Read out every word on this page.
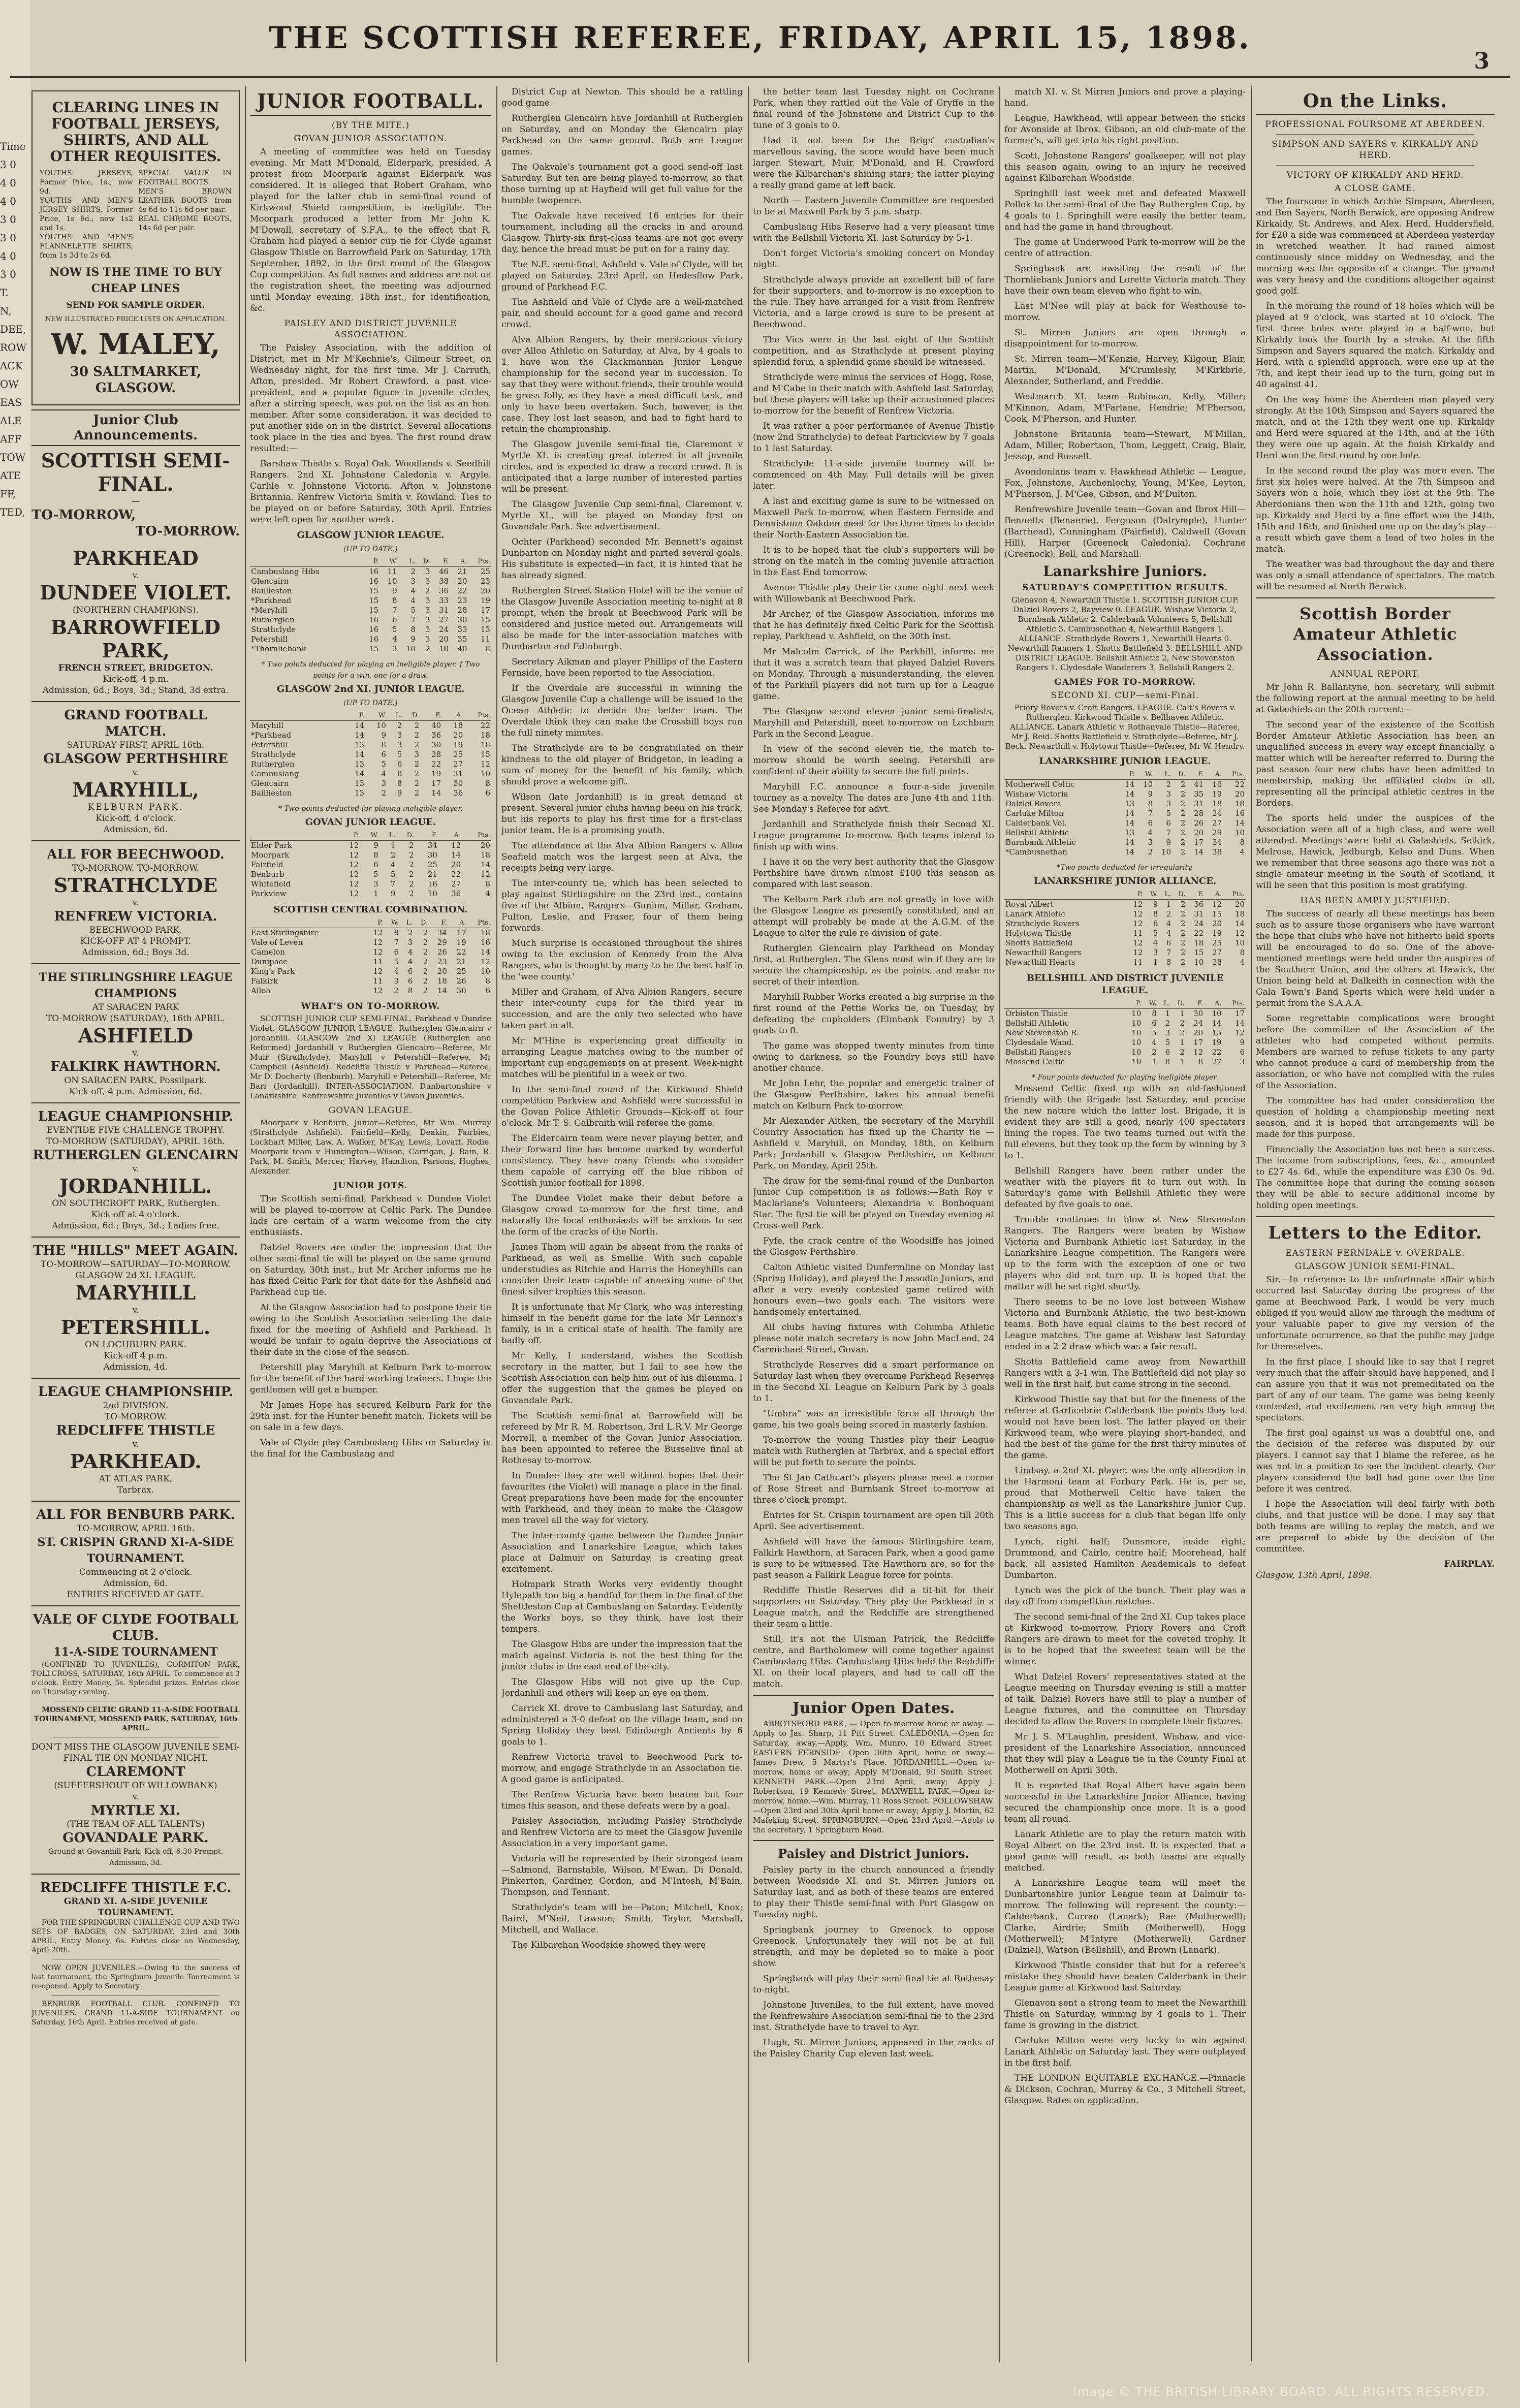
THE SCOTTISH REFEREE, FRIDAY, APRIL 15, 1898.
3
Time
3 0
4 0
4 0
3 0
3 0
4 0
3 0
T.
N,
DEE,
ROW
ACK
OW
EAS
ALE
AFF
TOW
ATE
FF,
TED,
CLEARING LINES IN FOOTBALL JERSEYS, SHIRTS, AND ALL OTHER REQUISITES.
YOUTHS' JERSEYS, Former Price, 1s.; now 9d.
YOUTHS' AND MEN'S JERSEY SHIRTS, Former Price, 1s 6d.; now 1s2 and 1s.
YOUTHS' AND MEN'S FLANNELETTE SHIRTS, from 1s 3d to 2s 6d.
SPECIAL VALUE IN FOOTBALL BOOTS.
MEN'S BROWN LEATHER BOOTS from 4s 6d to 11s 6d per pair.
REAL CHROME BOOTS, 14s 6d per pair.
NOW IS THE TIME TO BUY CHEAP LINES
SEND FOR SAMPLE ORDER.
NEW ILLUSTRATED PRICE LISTS ON APPLICATION.
W. MALEY,
30 SALTMARKET, GLASGOW.
Junior Club Announcements.
SCOTTISH SEMI-FINAL.
—
TO-MORROW,
TO-MORROW.
PARKHEAD
v.
DUNDEE VIOLET.
(NORTHERN CHAMPIONS).
BARROWFIELD PARK,
FRENCH STREET, BRIDGETON.
Kick-off, 4 p.m.
Admission, 6d.; Boys, 3d.; Stand, 3d extra.
GRAND FOOTBALL MATCH.
SATURDAY FIRST, APRIL 16th.
GLASGOW PERTHSHIRE
v.
MARYHILL,
KELBURN PARK.
Kick-off, 4 o'clock.
Admission, 6d.
ALL FOR BEECHWOOD.
TO-MORROW. TO-MORROW.
STRATHCLYDE
v.
RENFREW VICTORIA.
BEECHWOOD PARK.
KICK-OFF AT 4 PROMPT.
Admission, 6d.; Boys 3d.
THE STIRLINGSHIRE LEAGUE CHAMPIONS
AT SARACEN PARK
TO-MORROW (SATURDAY), 16th APRIL.
ASHFIELD
v.
FALKIRK HAWTHORN.
ON SARACEN PARK, Possilpark.
Kick-off, 4 p.m. Admission, 6d.
LEAGUE CHAMPIONSHIP.
EVENTIDE FIVE CHALLENGE TROPHY.
TO-MORROW (SATURDAY), APRIL 16th.
RUTHERGLEN GLENCAIRN
v.
JORDANHILL.
ON SOUTHCROFT PARK, Rutherglen.
Kick-off at 4 o'clock.
Admission, 6d.; Boys, 3d.; Ladies free.
THE "HILLS" MEET AGAIN.
TO-MORROW—SATURDAY—TO-MORROW.
GLASGOW 2d XI. LEAGUE.
MARYHILL
v.
PETERSHILL.
ON LOCHBURN PARK.
Kick-off 4 p.m.
Admission, 4d.
LEAGUE CHAMPIONSHIP.
2nd DIVISION.
TO-MORROW.
REDCLIFFE THISTLE
v.
PARKHEAD.
AT ATLAS PARK,
Tarbrax.
ALL FOR BENBURB PARK.
TO-MORROW, APRIL 16th.
ST. CRISPIN GRAND XI-A-SIDE TOURNAMENT.
Commencing at 2 o'clock.
Admission, 6d.
ENTRIES RECEIVED AT GATE.
VALE OF CLYDE FOOTBALL CLUB.
11-A-SIDE TOURNAMENT

(CONFINED TO JUVENILES), CORMITON PARK, TOLLCROSS, SATURDAY, 16th APRIL. To commence at 3 o'clock. Entry Money, 5s. Splendid prizes. Entries close on Thursday evening.

MOSSEND CELTIC GRAND 11-A-SIDE FOOTBALL TOURNAMENT, MOSSEND PARK, SATURDAY, 16th APRIL.

DON'T MISS THE GLASGOW JUVENILE SEMI-FINAL TIE ON MONDAY NIGHT,
CLAREMONT
(SUFFERSHOUT OF WILLOWBANK)
v.
MYRTLE XI.
(THE TEAM OF ALL TALENTS)
GOVANDALE PARK.
Ground at Govanhill Park. Kick-off, 6.30 Prompt. Admission, 3d.
REDCLIFFE THISTLE F.C.
GRAND XI. A-SIDE JUVENILE TOURNAMENT.

FOR THE SPRINGBURN CHALLENGE CUP AND TWO SETS OF BADGES, ON SATURDAY, 23rd and 30th APRIL. Entry Money, 6s. Entries close on Wednesday, April 20th.

NOW OPEN JUVENILES.—Owing to the success of last tournament, the Springburn Juvenile Tournament is re-opened. Apply to Secretary.

BENBURB FOOTBALL CLUB. CONFINED TO JUVENILES. GRAND 11-A-SIDE TOURNAMENT on Saturday, 16th April. Entries received at gate.

JUNIOR FOOTBALL.
(BY THE MITE.)
GOVAN JUNIOR ASSOCIATION.

A meeting of committee was held on Tuesday evening. Mr Matt M'Donald, Elderpark, presided. A protest from Moorpark against Elderpark was considered. It is alleged that Robert Graham, who played for the latter club in semi-final round of Kirkwood Shield competition, is ineligible. The Moorpark produced a letter from Mr John K. M'Dowall, secretary of S.F.A., to the effect that R. Graham had played a senior cup tie for Clyde against Glasgow Thistle on Barrowfield Park on Saturday, 17th September, 1892, in the first round of the Glasgow Cup competition. As full names and address are not on the registration sheet, the meeting was adjourned until Monday evening, 18th inst., for identification, &c.

PAISLEY AND DISTRICT JUVENILE ASSOCIATION.

The Paisley Association, with the addition of District, met in Mr M'Kechnie's, Gilmour Street, on Wednesday night, for the first time. Mr J. Carruth, Afton, presided. Mr Robert Crawford, a past vice-president, and a popular figure in juvenile circles, after a stirring speech, was put on the list as an hon. member. After some consideration, it was decided to put another side on in the district. Several allocations took place in the ties and byes. The first round draw resulted:—

Barshaw Thistle v. Royal Oak. Woodlands v. Seedhill Rangers. 2nd XI. Johnstone Caledonia v. Argyle. Carlile v. Johnstone Victoria. Afton v. Johnstone Britannia. Renfrew Victoria Smith v. Rowland. Ties to be played on or before Saturday, 30th April. Entries were left open for another week.

GLASGOW JUNIOR LEAGUE.
(UP TO DATE.)
	P.	W.	L.	D.	F.	A.	Pts.
Cambuslang Hibs	16	11	2	3	46	21	25
Glencairn	16	10	3	3	38	20	23
Baillieston	15	9	4	2	36	22	20
*Parkhead	15	8	4	3	33	23	19
*Maryhill	15	7	5	3	31	28	17
Rutherglen	16	6	7	3	27	30	15
Strathclyde	16	5	8	3	24	33	13
Petershill	16	4	9	3	20	35	11
*Thornliebank	15	3	10	2	18	40	8
* Two points deducted for playing an ineligible player. † Two points for a win, one for a draw.
GLASGOW 2nd XI. JUNIOR LEAGUE.
(UP TO DATE.)
	P.	W.	L.	D.	F.	A.	Pts.
Maryhill	14	10	2	2	40	18	22
*Parkhead	14	9	3	2	36	20	18
Petershill	13	8	3	2	30	19	18
Strathclyde	14	6	5	3	28	25	15
Rutherglen	13	5	6	2	22	27	12
Cambuslang	14	4	8	2	19	31	10
Glencairn	13	3	8	2	17	30	8
Baillieston	13	2	9	2	14	36	6
* Two points deducted for playing ineligible player.
GOVAN JUNIOR LEAGUE.
	P.	W.	L.	D.	F.	A.	Pts.
Elder Park	12	9	1	2	34	12	20
Moorpark	12	8	2	2	30	14	18
Fairfield	12	6	4	2	25	20	14
Benburb	12	5	5	2	21	22	12
Whitefield	12	3	7	2	16	27	8
Parkview	12	1	9	2	10	36	4
SCOTTISH CENTRAL COMBINATION.
	P.	W.	L.	D.	F.	A.	Pts.
East Stirlingshire	12	8	2	2	34	17	18
Vale of Leven	12	7	3	2	29	19	16
Camelon	12	6	4	2	26	22	14
Dunipace	11	5	4	2	23	21	12
King's Park	12	4	6	2	20	25	10
Falkirk	11	3	6	2	18	26	8
Alloa	12	2	8	2	14	30	6
WHAT'S ON TO-MORROW.

SCOTTISH JUNIOR CUP SEMI-FINAL. Parkhead v Dundee Violet. GLASGOW JUNIOR LEAGUE. Rutherglen Glencairn v Jordanhill. GLASGOW 2nd XI LEAGUE (Rutherglen and Reformed) Jordanhill v Rutherglen Glencairn—Referee, Mr Muir (Strathclyde). Maryhill v Petershill—Referee, Mr Campbell (Ashfield). Redcliffe Thistle v Parkhead—Referee, Mr D. Docherty (Benburb). Maryhill v Petershill—Referee, Mr Barr (Jordanhill). INTER-ASSOCIATION. Dunbartonshire v Lanarkshire. Renfrewshire Juveniles v Govan Juveniles.

GOVAN LEAGUE.

Moorpark v Benburb, Junior—Referee, Mr Wm. Murray (Strathclyde Ashfield). Fairfield—Kelly, Deakin, Fairbies, Lockhart Miller, Law, A. Walker, M'Kay, Lewis, Lovatt, Rodie. Moorpark team v Huntington—Wilson, Carrigan, J. Bain, R. Park, M. Smith, Mercer, Harvey, Hamilton, Parsons, Hughes, Alexander.

JUNIOR JOTS.

The Scottish semi-final, Parkhead v. Dundee Violet will be played to-morrow at Celtic Park. The Dundee lads are certain of a warm welcome from the city enthusiasts.

Dalziel Rovers are under the impression that the other semi-final tie will be played on the same ground on Saturday, 30th inst., but Mr Archer informs me he has fixed Celtic Park for that date for the Ashfield and Parkhead cup tie.

At the Glasgow Association had to postpone their tie owing to the Scottish Association selecting the date fixed for the meeting of Ashfield and Parkhead. It would be unfair to again deprive the Associations of their date in the close of the season.

Petershill play Maryhill at Kelburn Park to-morrow for the benefit of the hard-working trainers. I hope the gentlemen will get a bumper.

Mr James Hope has secured Kelburn Park for the 29th inst. for the Hunter benefit match. Tickets will be on sale in a few days.

Vale of Clyde play Cambuslang Hibs on Saturday in the final for the Cambuslang and

District Cup at Newton. This should be a rattling good game.

Rutherglen Glencairn have Jordanhill at Rutherglen on Saturday, and on Monday the Glencairn play Parkhead on the same ground. Both are League games.

The Oakvale's tournament got a good send-off last Saturday. But ten are being played to-morrow, so that those turning up at Hayfield will get full value for the humble twopence.

The Oakvale have received 16 entries for their tournament, including all the cracks in and around Glasgow. Thirty-six first-class teams are not got every day, hence the bread must be put on for a rainy day.

The N.E. semi-final, Ashfield v. Vale of Clyde, will be played on Saturday, 23rd April, on Hedesflow Park, ground of Parkhead F.C.

The Ashfield and Vale of Clyde are a well-matched pair, and should account for a good game and record crowd.

Alva Albion Rangers, by their meritorious victory over Alloa Athletic on Saturday, at Alva, by 4 goals to 1, have won the Clackmannan Junior League championship for the second year in succession. To say that they were without friends, their trouble would be gross folly, as they have a most difficult task, and only to have been overtaken. Such, however, is the case. They lost last season, and had to fight hard to retain the championship.

The Glasgow juvenile semi-final tie, Claremont v Myrtle XI. is creating great interest in all juvenile circles, and is expected to draw a record crowd. It is anticipated that a large number of interested parties will be present.

The Glasgow Juvenile Cup semi-final, Claremont v. Myrtle XI., will be played on Monday first on Govandale Park. See advertisement.

Ochter (Parkhead) seconded Mr. Bennett's against Dunbarton on Monday night and parted several goals. His substitute is expected—in fact, it is hinted that he has already signed.

Rutherglen Street Station Hotel will be the venue of the Glasgow Juvenile Association meeting to-night at 8 prompt, when the break at Beechwood Park will be considered and justice meted out. Arrangements will also be made for the inter-association matches with Dumbarton and Edinburgh.

Secretary Aikman and player Phillips of the Eastern Fernside, have been reported to the Association.

If the Overdale are successful in winning the Glasgow Juvenile Cup a challenge will be issued to the Ocean Athletic to decide the better team. The Overdale think they can make the Crossbill boys run the full ninety minutes.

The Strathclyde are to be congratulated on their kindness to the old player of Bridgeton, in leading a sum of money for the benefit of his family, which should prove a welcome gift.

Wilson (late Jordanhill) is in great demand at present. Several junior clubs having been on his track, but his reports to play his first time for a first-class junior team. He is a promising youth.

The attendance at the Alva Albion Rangers v. Alloa Seafield match was the largest seen at Alva, the receipts being very large.

The inter-county tie, which has been selected to play against Stirlingshire on the 23rd inst., contains five of the Albion, Rangers—Gunion, Millar, Graham, Fulton, Leslie, and Fraser, four of them being forwards.

Much surprise is occasioned throughout the shires owing to the exclusion of Kennedy from the Alva Rangers, who is thought by many to be the best half in the 'wee county.'

Miller and Graham, of Alva Albion Rangers, secure their inter-county cups for the third year in succession, and are the only two selected who have taken part in all.

Mr M'Hine is experiencing great difficulty in arranging League matches owing to the number of important cup engagements on at present. Week-night matches will be plentiful in a week or two.

In the semi-final round of the Kirkwood Shield competition Parkview and Ashfield were successful in the Govan Police Athletic Grounds—Kick-off at four o'clock. Mr T. S. Galbraith will referee the game.

The Eldercairn team were never playing better, and their forward line has become marked by wonderful consistency. They have many friends who consider them capable of carrying off the blue ribbon of Scottish junior football for 1898.

The Dundee Violet make their debut before a Glasgow crowd to-morrow for the first time, and naturally the local enthusiasts will be anxious to see the form of the cracks of the North.

James Thom will again be absent from the ranks of Parkhead, as well as Smellie. With such capable understudies as Ritchie and Harris the Honeyhills can consider their team capable of annexing some of the finest silver trophies this season.

It is unfortunate that Mr Clark, who was interesting himself in the benefit game for the late Mr Lennox's family, is in a critical state of health. The family are badly off.

Mr Kelly, I understand, wishes the Scottish secretary in the matter, but I fail to see how the Scottish Association can help him out of his dilemma. I offer the suggestion that the games be played on Govandale Park.

The Scottish semi-final at Barrowfield will be refereed by Mr R. M. Robertson, 3rd L.R.V. Mr George Morrell, a member of the Govan Junior Association, has been appointed to referee the Busselive final at Rothesay to-morrow.

In Dundee they are well without hopes that their favourites (the Violet) will manage a place in the final. Great preparations have been made for the encounter with Parkhead, and they mean to make the Glasgow men travel all the way for victory.

The inter-county game between the Dundee Junior Association and Lanarkshire League, which takes place at Dalmuir on Saturday, is creating great excitement.

Holmpark Strath Works very evidently thought Hylepath too big a handful for them in the final of the Shettleston Cup at Cambuslang on Saturday. Evidently the Works' boys, so they think, have lost their tempers.

The Glasgow Hibs are under the impression that the match against Victoria is not the best thing for the junior clubs in the east end of the city.

The Glasgow Hibs will not give up the Cup. Jordanhill and others will keep an eye on them.

Carrick XI. drove to Cambuslang last Saturday, and administered a 3-0 defeat on the village team, and on Spring Holiday they beat Edinburgh Ancients by 6 goals to 1.

Renfrew Victoria travel to Beechwood Park to-morrow, and engage Strathclyde in an Association tie. A good game is anticipated.

The Renfrew Victoria have been beaten but four times this season, and these defeats were by a goal.

Paisley Association, including Paisley Strathclyde and Renfrew Victoria are to meet the Glasgow Juvenile Association in a very important game.

Victoria will be represented by their strongest team—Salmond, Barnstable, Wilson, M'Ewan, Di Donald, Pinkerton, Gardiner, Gordon, and M'Intosh, M'Bain, Thompson, and Tennant.

Strathclyde's team will be—Paton; Mitchell, Knox; Baird, M'Neil, Lawson; Smith, Taylor, Marshall, Mitchell, and Wallace.

The Kilbarchan Woodside showed they were

the better team last Tuesday night on Cochrane Park, when they rattled out the Vale of Gryffe in the final round of the Johnstone and District Cup to the tune of 3 goals to 0.

Had it not been for the Brigs' custodian's marvellous saving, the score would have been much larger. Stewart, Muir, M'Donald, and H. Crawford were the Kilbarchan's shining stars; the latter playing a really grand game at left back.

North — Eastern Juvenile Committee are requested to be at Maxwell Park by 5 p.m. sharp.

Cambuslang Hibs Reserve had a very pleasant time with the Bellshill Victoria XI. last Saturday by 5-1.

Don't forget Victoria's smoking concert on Monday night.

Strathclyde always provide an excellent bill of fare for their supporters, and to-morrow is no exception to the rule. They have arranged for a visit from Renfrew Victoria, and a large crowd is sure to be present at Beechwood.

The Vics were in the last eight of the Scottish competition, and as Strathclyde at present playing splendid form, a splendid game should be witnessed.

Strathclyde were minus the services of Hogg, Rose, and M'Cabe in their match with Ashfield last Saturday, but these players will take up their accustomed places to-morrow for the benefit of Renfrew Victoria.

It was rather a poor performance of Avenue Thistle (now 2nd Strathclyde) to defeat Partickview by 7 goals to 1 last Saturday.

Strathclyde 11-a-side juvenile tourney will be commenced on 4th May. Full details will be given later.

A last and exciting game is sure to be witnessed on Maxwell Park to-morrow, when Eastern Fernside and Dennistoun Oakden meet for the three times to decide their North-Eastern Association tie.

It is to be hoped that the club's supporters will be strong on the match in the coming juvenile attraction in the East End tomorrow.

Avenue Thistle play their tie come night next week with Willowbank at Beechwood Park.

Mr Archer, of the Glasgow Association, informs me that he has definitely fixed Celtic Park for the Scottish replay, Parkhead v. Ashfield, on the 30th inst.

Mr Malcolm Carrick, of the Parkhill, informs me that it was a scratch team that played Dalziel Rovers on Monday. Through a misunderstanding, the eleven of the Parkhill players did not turn up for a League game.

The Glasgow second eleven junior semi-finalists, Maryhill and Petershill, meet to-morrow on Lochburn Park in the Second League.

In view of the second eleven tie, the match to-morrow should be worth seeing. Petershill are confident of their ability to secure the full points.

Maryhill F.C. announce a four-a-side juvenile tourney as a novelty. The dates are June 4th and 11th. See Monday's Referee for advt.

Jordanhill and Strathclyde finish their Second XI. League programme to-morrow. Both teams intend to finish up with wins.

I have it on the very best authority that the Glasgow Perthshire have drawn almost £100 this season as compared with last season.

The Kelburn Park club are not greatly in love with the Glasgow League as presently constituted, and an attempt will probably be made at the A.G.M. of the League to alter the rule re division of gate.

Rutherglen Glencairn play Parkhead on Monday first, at Rutherglen. The Glens must win if they are to secure the championship, as the points, and make no secret of their intention.

Maryhill Rubber Works created a big surprise in the first round of the Pettie Works tie, on Tuesday, by defeating the cupholders (Elmbank Foundry) by 3 goals to 0.

The game was stopped twenty minutes from time owing to darkness, so the Foundry boys still have another chance.

Mr John Lehr, the popular and energetic trainer of the Glasgow Perthshire, takes his annual benefit match on Kelburn Park to-morrow.

Mr Alexander Aitken, the secretary of the Maryhill Country Association has fixed up the Charity tie — Ashfield v. Maryhill, on Monday, 18th, on Kelburn Park; Jordanhill v. Glasgow Perthshire, on Kelburn Park, on Monday, April 25th.

The draw for the semi-final round of the Dunbarton Junior Cup competition is as follows:—Bath Roy v. Maclarlane's Volunteers; Alexandria v. Bonhoquam Star. The first tie will be played on Tuesday evening at Cross-well Park.

Fyfe, the crack centre of the Woodsiffe has joined the Glasgow Perthshire.

Calton Athletic visited Dunfermline on Monday last (Spring Holiday), and played the Lassodie Juniors, and after a very evenly contested game retired with honours even—two goals each. The visitors were handsomely entertained.

All clubs having fixtures with Columba Athletic please note match secretary is now John MacLeod, 24 Carmichael Street, Govan.

Strathclyde Reserves did a smart performance on Saturday last when they overcame Parkhead Reserves in the Second XI. League on Kelburn Park by 3 goals to 1.

"Umbra" was an irresistible force all through the game, his two goals being scored in masterly fashion.

To-morrow the young Thistles play their League match with Rutherglen at Tarbrax, and a special effort will be put forth to secure the points.

The St Jan Cathcart's players please meet a corner of Rose Street and Burnbank Street to-morrow at three o'clock prompt.

Entries for St. Crispin tournament are open till 20th April. See advertisement.

Ashfield will have the famous Stirlingshire team, Falkirk Hawthorn, at Saracen Park, when a good game is sure to be witnessed. The Hawthorn are, so for the past season a Falkirk League force for points.

Reddiffe Thistle Reserves did a tit-bit for their supporters on Saturday. They play the Parkhead in a League match, and the Redcliffe are strengthened their team a little.

Still, it's not the Ulsman Patrick, the Redcliffe centre, and Bartholomew will come together against Cambuslang Hibs. Cambuslang Hibs held the Redcliffe XI. on their local players, and had to call off the match.

Junior Open Dates.

ABBOTSFORD PARK, — Open to-morrow home or away. — Apply to Jas. Sharp, 11 Pitt Street. CALEDONIA.—Open for Saturday, away.—Apply, Wm. Munro, 10 Edward Street. EASTERN FERNSIDE, Open 30th April, home or away.—James Drew, 5 Martyr's Place. JORDANHILL.—Open to-morrow, home or away; Apply M'Donald, 90 Smith Street. KENNETH PARK.—Open 23rd April, away; Apply J. Robertson, 19 Kennedy Street. MAXWELL PARK.—Open to-morrow, home.—Wm. Murray, 11 Ross Street. FOLLOWSHAW.—Open 23rd and 30th April home or away; Apply J. Martin, 62 Mafeking Street. SPRINGBURN.—Open 23rd April.—Apply to the secretary, 1 Springburn Road.

Paisley and District Juniors.

Paisley party in the church announced a friendly between Woodside XI. and St. Mirren Juniors on Saturday last, and as both of these teams are entered to play their Thistle semi-final with Port Glasgow on Tuesday night.

Springbank journey to Greenock to oppose Greenock. Unfortunately they will not be at full strength, and may be depleted so to make a poor show.

Springbank will play their semi-final tie at Rothesay to-night.

Johnstone Juveniles, to the full extent, have moved the Renfrewshire Association semi-final tie to the 23rd inst. Strathclyde have to travel to Ayr.

Hugh, St. Mirren Juniors, appeared in the ranks of the Paisley Charity Cup eleven last week.

match XI. v. St Mirren Juniors and prove a playing-hand.

League, Hawkhead, will appear between the sticks for Avonside at Ibrox. Gibson, an old club-mate of the former's, will get into his right position.

Scott, Johnstone Rangers' goalkeeper, will not play this season again, owing to an injury he received against Kilbarchan Woodside.

Springhill last week met and defeated Maxwell Pollok to the semi-final of the Bay Rutherglen Cup, by 4 goals to 1. Springhill were easily the better team, and had the game in hand throughout.

The game at Underwood Park to-morrow will be the centre of attraction.

Springbank are awaiting the result of the Thornliebank Juniors and Lorette Victoria match. They have their own team eleven who fight to win.

Last M'Nee will play at back for Westhouse to-morrow.

St. Mirren Juniors are open through a disappointment for to-morrow.

St. Mirren team—M'Kenzie, Harvey, Kilgour, Blair, Martin, M'Donald, M'Crumlesly, M'Kirkbrie, Alexander, Sutherland, and Freddie.

Westmarch XI. team—Robinson, Kelly, Miller; M'Kinnon, Adam, M'Farlane, Hendrie; M'Pherson, Cook, M'Pherson, and Hunter.

Johnstone Britannia team—Stewart, M'Millan, Adam, Miller, Robertson, Thom, Leggett, Craig, Blair, Jessop, and Russell.

Avondonians team v. Hawkhead Athletic — League, Fox, Johnstone, Auchenlochy, Young, M'Kee, Leyton, M'Pherson, J. M'Gee, Gibson, and M'Dulton.

Renfrewshire Juvenile team—Govan and Ibrox Hill—Bennetts (Benaerie), Ferguson (Dalrymple), Hunter (Barrhead), Cunningham (Fairfield), Caldwell (Govan Hill), Harper (Greenock Caledonia), Cochrane (Greenock), Bell, and Marshall.

Lanarkshire Juniors.
SATURDAY'S COMPETITION RESULTS.

Glenavon 4, Newarthill Thistle 1. SCOTTISH JUNIOR CUP. Dalziel Rovers 2, Bayview 0. LEAGUE. Wishaw Victoria 2, Burnbank Athletic 2. Calderbank Volunteers 5, Bellshill Athletic 3. Cambusnethan 4, Newarthill Rangers 1. ALLIANCE. Strathclyde Rovers 1, Newarthill Hearts 0. Newarthill Rangers 1, Shotts Battlefield 3. BELLSHILL AND DISTRICT LEAGUE. Bellshill Athletic 2, New Stevenston Rangers 1. Clydesdale Wanderers 3, Bellshill Rangers 2.

GAMES FOR TO-MORROW.
SECOND XI. CUP—semi-Final.

Priory Rovers v. Croft Rangers. LEAGUE. Calt's Rovers v. Rutherglen. Kirkwood Thistle v. Bellhaven Athletic. ALLIANCE. Lanark Athletic v. Rothanvale Thistle—Referee, Mr J. Reid. Shotts Battlefield v. Strathclyde—Referee, Mr J. Beck. Newarthill v. Holytown Thistle—Referee, Mr W. Hendry.

LANARKSHIRE JUNIOR LEAGUE.
	P.	W.	L.	D.	F.	A.	Pts.
Motherwell Celtic	14	10	2	2	41	16	22
Wishaw Victoria	14	9	3	2	35	19	20
Dalziel Rovers	13	8	3	2	31	18	18
Carluke Milton	14	7	5	2	28	24	16
Calderbank Vol.	14	6	6	2	26	27	14
Bellshill Athletic	13	4	7	2	20	29	10
Burnbank Athletic	14	3	9	2	17	34	8
*Cambusnethan	14	2	10	2	14	38	4
*Two points deducted for irregularity.
LANARKSHIRE JUNIOR ALLIANCE.
	P.	W.	L.	D.	F.	A.	Pts.
Royal Albert	12	9	1	2	36	12	20
Lanark Athletic	12	8	2	2	31	15	18
Strathclyde Rovers	12	6	4	2	24	20	14
Holytown Thistle	11	5	4	2	22	19	12
Shotts Battlefield	12	4	6	2	18	25	10
Newarthill Rangers	12	3	7	2	15	27	8
Newarthill Hearts	11	1	8	2	10	28	4
BELLSHILL AND DISTRICT JUVENILE LEAGUE.
	P.	W.	L.	D.	F.	A.	Pts.
Orbiston Thistle	10	8	1	1	30	10	17
Bellshill Athletic	10	6	2	2	24	14	14
New Stevenston R.	10	5	3	2	20	15	12
Clydesdale Wand.	10	4	5	1	17	19	9
Bellshill Rangers	10	2	6	2	12	22	6
Mossend Celtic	10	1	8	1	8	27	3
* Four points deducted for playing ineligible player.

Mossend Celtic fixed up with an old-fashioned friendly with the Brigade last Saturday, and precise the new nature which the latter lost. Brigade, it is evident they are still a good, nearly 400 spectators lining the ropes. The two teams turned out with the full elevens, but they took up the form by winning by 3 to 1.

Bellshill Rangers have been rather under the weather with the players fit to turn out with. In Saturday's game with Bellshill Athletic they were defeated by five goals to one.

Trouble continues to blow at New Stevenston Rangers. The Rangers were beaten by Wishaw Victoria and Burnbank Athletic last Saturday, in the Lanarkshire League competition. The Rangers were up to the form with the exception of one or two players who did not turn up. It is hoped that the matter will be set right shortly.

There seems to be no love lost between Wishaw Victoria and Burnbank Athletic, the two best-known teams. Both have equal claims to the best record of League matches. The game at Wishaw last Saturday ended in a 2-2 draw which was a fair result.

Shotts Battlefield came away from Newarthill Rangers with a 3-1 win. The Battlefield did not play so well in the first half, but came strong in the second.

Kirkwood Thistle say that but for the fineness of the referee at Garlicebrie Calderbank the points they lost would not have been lost. The latter played on their Kirkwood team, who were playing short-handed, and had the best of the game for the first thirty minutes of the game.

Lindsay, a 2nd XI. player, was the only alteration in the Harmoni team at Forbury Park. He is, per se, proud that Motherwell Celtic have taken the championship as well as the Lanarkshire Junior Cup. This is a little success for a club that began life only two seasons ago.

Lynch, right half; Dunsmore, inside right; Drummond, and Cairlo, centre half; Moorehead, half back, all assisted Hamilton Academicals to defeat Dumbarton.

Lynch was the pick of the bunch. Their play was a day off from competition matches.

The second semi-final of the 2nd XI. Cup takes place at Kirkwood to-morrow. Priory Rovers and Croft Rangers are drawn to meet for the coveted trophy. It is to be hoped that the sweetest team will be the winner.

What Dalziel Rovers' representatives stated at the League meeting on Thursday evening is still a matter of talk. Dalziel Rovers have still to play a number of League fixtures, and the committee on Thursday decided to allow the Rovers to complete their fixtures.

Mr J. S. M'Laughlin, president, Wishaw, and vice-president of the Lanarkshire Association, announced that they will play a League tie in the County Final at Motherwell on April 30th.

It is reported that Royal Albert have again been successful in the Lanarkshire Junior Alliance, having secured the championship once more. It is a good team all round.

Lanark Athletic are to play the return match with Royal Albert on the 23rd inst. It is expected that a good game will result, as both teams are equally matched.

A Lanarkshire League team will meet the Dunbartonshire junior League team at Dalmuir to-morrow. The following will represent the county:—Calderbank, Curran (Lanark); Rae (Motherwell); Clarke, Airdrie; Smith (Motherwell), Hogg (Motherwell); M'Intyre (Motherwell), Gardner (Dalziel), Watson (Bellshill), and Brown (Lanark).

Kirkwood Thistle consider that but for a referee's mistake they should have beaten Calderbank in their League game at Kirkwood last Saturday.

Glenavon sent a strong team to meet the Newarthill Thistle on Saturday, winning by 4 goals to 1. Their fame is growing in the district.

Carluke Milton were very lucky to win against Lanark Athletic on Saturday last. They were outplayed in the first half.

THE LONDON EQUITABLE EXCHANGE.—Pinnacle & Dickson, Cochran, Murray & Co., 3 Mitchell Street, Glasgow. Rates on application.

On the Links.
PROFESSIONAL FOURSOME AT ABERDEEN.
SIMPSON AND SAYERS v. KIRKALDY AND HERD.
VICTORY OF KIRKALDY AND HERD.
A CLOSE GAME.

The foursome in which Archie Simpson, Aberdeen, and Ben Sayers, North Berwick, are opposing Andrew Kirkaldy, St. Andrews, and Alex. Herd, Huddersfield, for £20 a side was commenced at Aberdeen yesterday in wretched weather. It had rained almost continuously since midday on Wednesday, and the morning was the opposite of a change. The ground was very heavy and the conditions altogether against good golf.

In the morning the round of 18 holes which will be played at 9 o'clock, was started at 10 o'clock. The first three holes were played in a half-won, but Kirkaldy took the fourth by a stroke. At the fifth Simpson and Sayers squared the match. Kirkaldy and Herd, with a splendid approach, were one up at the 7th, and kept their lead up to the turn, going out in 40 against 41.

On the way home the Aberdeen man played very strongly. At the 10th Simpson and Sayers squared the match, and at the 12th they went one up. Kirkaldy and Herd were squared at the 14th, and at the 16th they were one up again. At the finish Kirkaldy and Herd won the first round by one hole.

In the second round the play was more even. The first six holes were halved. At the 7th Simpson and Sayers won a hole, which they lost at the 9th. The Aberdonians then won the 11th and 12th, going two up. Kirkaldy and Herd by a fine effort won the 14th, 15th and 16th, and finished one up on the day's play—a result which gave them a lead of two holes in the match.

The weather was bad throughout the day and there was only a small attendance of spectators. The match will be resumed at North Berwick.

Scottish Border Amateur Athletic Association.
ANNUAL REPORT.

Mr John R. Ballantyne, hon. secretary, will submit the following report at the annual meeting to be held at Galashiels on the 20th current:—

The second year of the existence of the Scottish Border Amateur Athletic Association has been an unqualified success in every way except financially, a matter which will be hereafter referred to. During the past season four new clubs have been admitted to membership, making the affiliated clubs in all, representing all the principal athletic centres in the Borders.

The sports held under the auspices of the Association were all of a high class, and were well attended. Meetings were held at Galashiels, Selkirk, Melrose, Hawick, Jedburgh, Kelso and Duns. When we remember that three seasons ago there was not a single amateur meeting in the South of Scotland, it will be seen that this position is most gratifying.

HAS BEEN AMPLY JUSTIFIED.

The success of nearly all these meetings has been such as to assure those organisers who have warrant the hope that clubs who have not hitherto held sports will be encouraged to do so. One of the above-mentioned meetings were held under the auspices of the Southern Union, and the others at Hawick, the Union being held at Dalkeith in connection with the Gala Town's Band Sports which were held under a permit from the S.A.A.A.

Some regrettable complications were brought before the committee of the Association of the athletes who had competed without permits. Members are warned to refuse tickets to any party who cannot produce a card of membership from the association, or who have not complied with the rules of the Association.

The committee has had under consideration the question of holding a championship meeting next season, and it is hoped that arrangements will be made for this purpose.

Financially the Association has not been a success. The income from subscriptions, fees, &c., amounted to £27 4s. 6d., while the expenditure was £30 0s. 9d. The committee hope that during the coming season they will be able to secure additional income by holding open meetings.

Letters to the Editor.
EASTERN FERNDALE v. OVERDALE.
GLASGOW JUNIOR SEMI-FINAL.

Sir,—In reference to the unfortunate affair which occurred last Saturday during the progress of the game at Beechwood Park, I would be very much obliged if you would allow me through the medium of your valuable paper to give my version of the unfortunate occurrence, so that the public may judge for themselves.

In the first place, I should like to say that I regret very much that the affair should have happened, and I can assure you that it was not premeditated on the part of any of our team. The game was being keenly contested, and excitement ran very high among the spectators.

The first goal against us was a doubtful one, and the decision of the referee was disputed by our players. I cannot say that I blame the referee, as he was not in a position to see the incident clearly. Our players considered the ball had gone over the line before it was centred.

I hope the Association will deal fairly with both clubs, and that justice will be done. I may say that both teams are willing to replay the match, and we are prepared to abide by the decision of the committee.

FAIRPLAY.
Glasgow, 13th April, 1898.
Image © THE BRITISH LIBRARY BOARD. ALL RIGHTS RESERVED.
